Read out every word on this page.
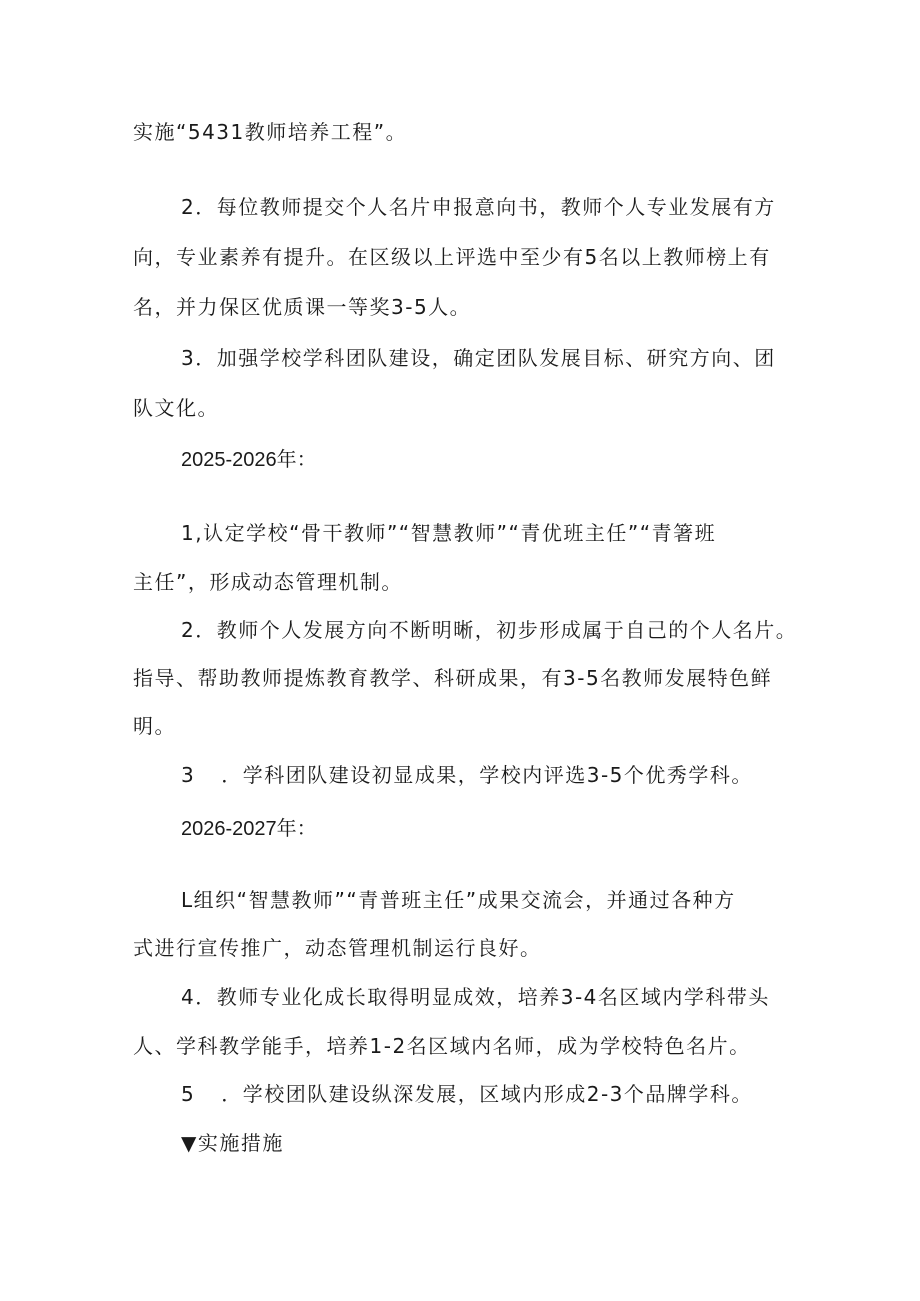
实施“5431教师培养工程”。
2．每位教师提交个人名片申报意向书，教师个人专业发展有方
向，专业素养有提升。在区级以上评选中至少有5名以上教师榜上有
名，并力保区优质课一等奖3-5人。
3．加强学校学科团队建设，确定团队发展目标、研究方向、团
队文化。
2025-2026年：
1,认定学校“骨干教师”“智慧教师”“青优班主任”“青箸班
主任”，形成动态管理机制。
2．教师个人发展方向不断明晰，初步形成属于自己的个人名片。
指导、帮助教师提炼教育教学、科研成果，有3-5名教师发展特色鲜
明。
3 ．学科团队建设初显成果，学校内评选3-5个优秀学科。
2026-2027年：
L组织“智慧教师”“青普班主任”成果交流会，并通过各种方
式进行宣传推广，动态管理机制运行良好。
4．教师专业化成长取得明显成效，培养3-4名区域内学科带头
人、学科教学能手，培养1-2名区域内名师，成为学校特色名片。
5 ．学校团队建设纵深发展，区域内形成2-3个品牌学科。
▼实施措施
